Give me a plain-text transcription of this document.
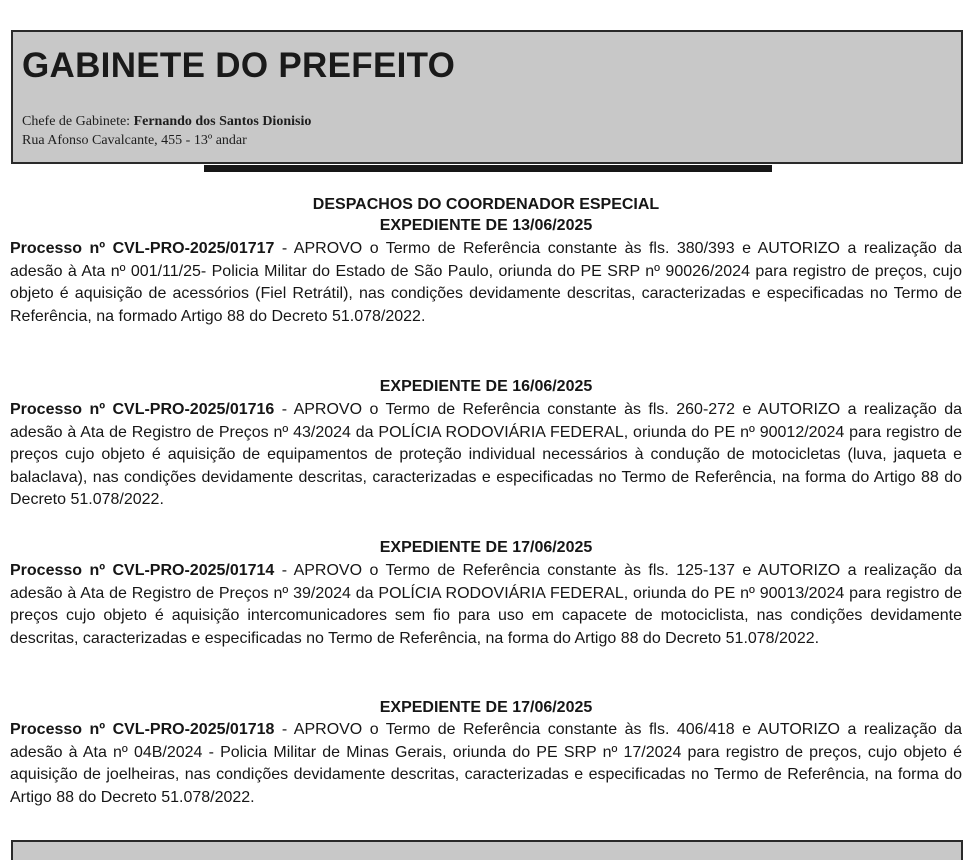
GABINETE DO PREFEITO
Chefe de Gabinete: Fernando dos Santos Dionisio
Rua Afonso Cavalcante, 455 - 13º andar
DESPACHOS DO COORDENADOR ESPECIAL
EXPEDIENTE DE 13/06/2025

Processo nº CVL-PRO-2025/01717 - APROVO o Termo de Referência constante às fls. 380/393 e AUTORIZO a realização da adesão à Ata nº 001/11/25- Policia Militar do Estado de São Paulo, oriunda do PE SRP nº 90026/2024 para registro de preços, cujo objeto é aquisição de acessórios (Fiel Retrátil), nas condições devidamente descritas, caracterizadas e especificadas no Termo de Referência, na formado Artigo 88 do Decreto 51.078/2022.

EXPEDIENTE DE 16/06/2025

Processo nº CVL-PRO-2025/01716 - APROVO o Termo de Referência constante às fls. 260-272 e AUTORIZO a realização da adesão à Ata de Registro de Preços nº 43/2024 da POLÍCIA RODOVIÁRIA FEDERAL, oriunda do PE nº 90012/2024 para registro de preços cujo objeto é aquisição de equipamentos de proteção individual necessários à condução de motocicletas (luva, jaqueta e balaclava), nas condições devidamente descritas, caracterizadas e especificadas no Termo de Referência, na forma do Artigo 88 do Decreto 51.078/2022.

EXPEDIENTE DE 17/06/2025

Processo nº CVL-PRO-2025/01714 - APROVO o Termo de Referência constante às fls. 125-137 e AUTORIZO a realização da adesão à Ata de Registro de Preços nº 39/2024 da POLÍCIA RODOVIÁRIA FEDERAL, oriunda do PE nº 90013/2024 para registro de preços cujo objeto é aquisição intercomunicadores sem fio para uso em capacete de motociclista, nas condições devidamente descritas, caracterizadas e especificadas no Termo de Referência, na forma do Artigo 88 do Decreto 51.078/2022.

EXPEDIENTE DE 17/06/2025

Processo nº CVL-PRO-2025/01718 - APROVO o Termo de Referência constante às fls. 406/418 e AUTORIZO a realização da adesão à Ata nº 04B/2024 - Policia Militar de Minas Gerais, oriunda do PE SRP nº 17/2024 para registro de preços, cujo objeto é aquisição de joelheiras, nas condições devidamente descritas, caracterizadas e especificadas no Termo de Referência, na forma do Artigo 88 do Decreto 51.078/2022.
